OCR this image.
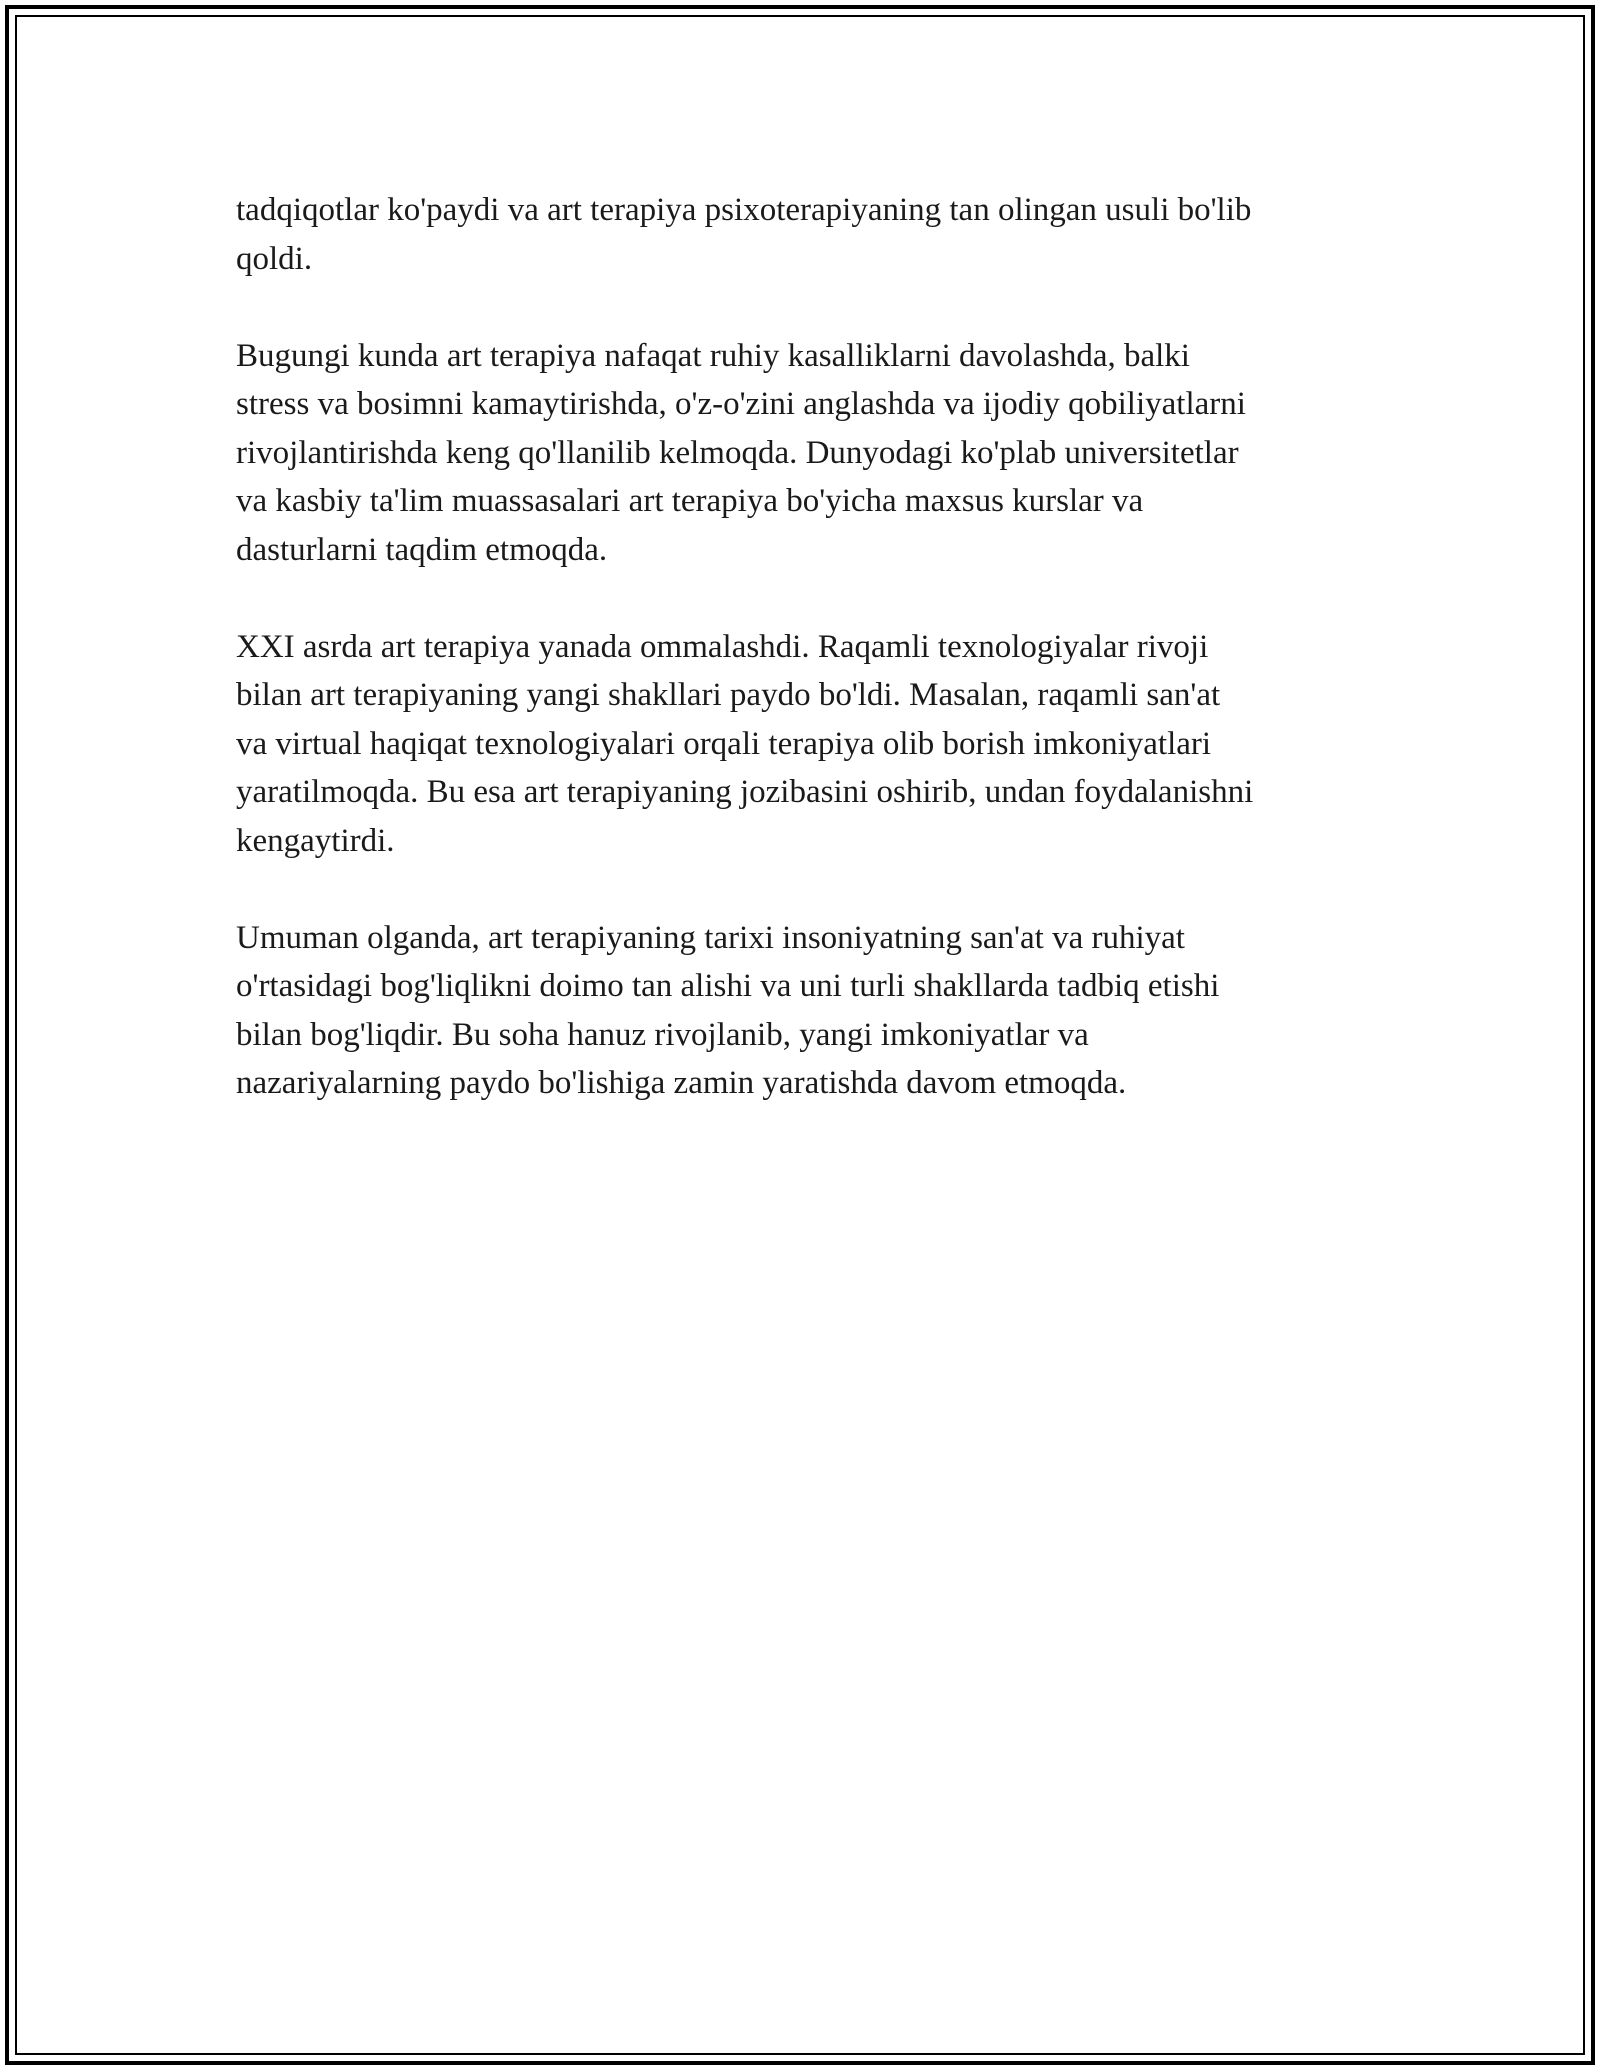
tadqiqotlar ko'paydi va art terapiya psixoterapiyaning tan olingan usuli bo'lib
qoldi.

Bugungi kunda art terapiya nafaqat ruhiy kasalliklarni davolashda, balki
stress va bosimni kamaytirishda, o'z-o'zini anglashda va ijodiy qobiliyatlarni
rivojlantirishda keng qo'llanilib kelmoqda. Dunyodagi ko'plab universitetlar
va kasbiy ta'lim muassasalari art terapiya bo'yicha maxsus kurslar va
dasturlarni taqdim etmoqda.

XXI asrda art terapiya yanada ommalashdi. Raqamli texnologiyalar rivoji
bilan art terapiyaning yangi shakllari paydo bo'ldi. Masalan, raqamli san'at
va virtual haqiqat texnologiyalari orqali terapiya olib borish imkoniyatlari
yaratilmoqda. Bu esa art terapiyaning jozibasini oshirib, undan foydalanishni
kengaytirdi.

Umuman olganda, art terapiyaning tarixi insoniyatning san'at va ruhiyat
o'rtasidagi bog'liqlikni doimo tan alishi va uni turli shakllarda tadbiq etishi
bilan bog'liqdir. Bu soha hanuz rivojlanib, yangi imkoniyatlar va
nazariyalarning paydo bo'lishiga zamin yaratishda davom etmoqda.
